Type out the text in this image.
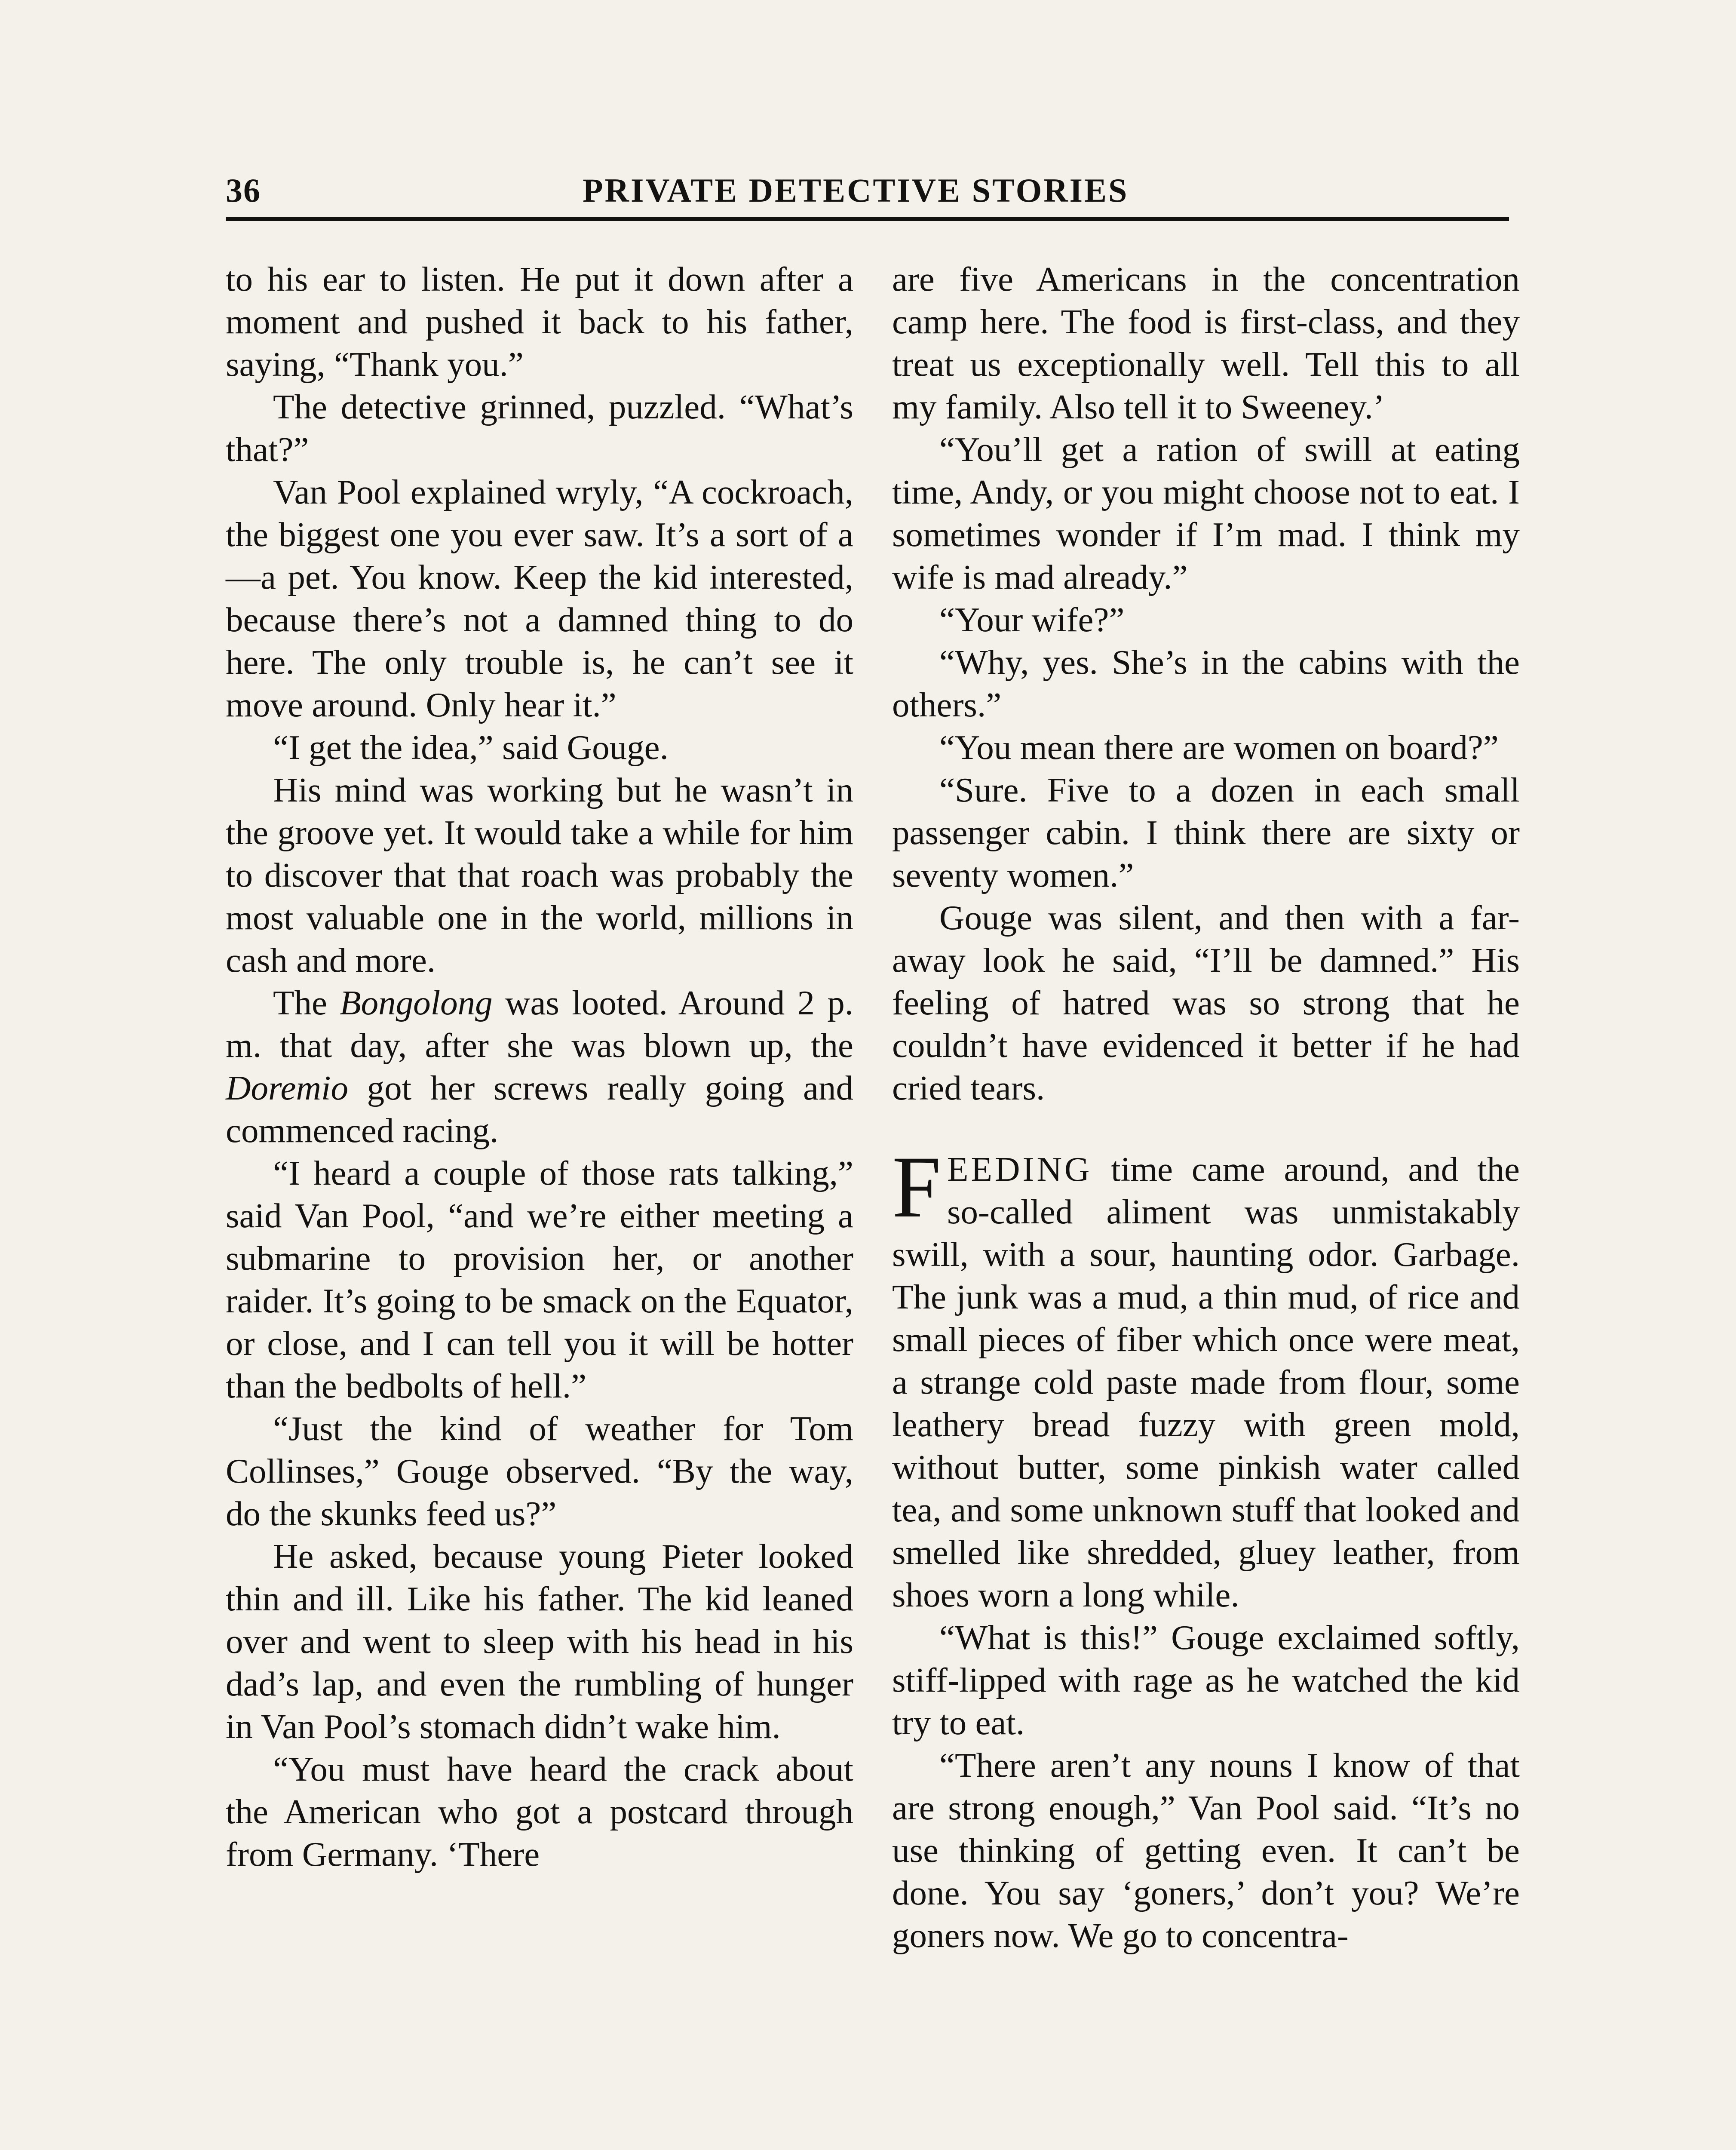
36	PRIVATE DETECTIVE STORIES

to his ear to listen. He put it down after a moment and pushed it back to his father, saying, “Thank you.”

The detective grinned, puzzled. “What’s that?”

Van Pool explained wryly, “A cockroach, the biggest one you ever saw. It’s a sort of a—a pet. You know. Keep the kid interested, because there’s not a damned thing to do here. The only trouble is, he can’t see it move around. Only hear it.”

“I get the idea,” said Gouge.

His mind was working but he wasn’t in the groove yet. It would take a while for him to discover that that roach was probably the most valuable one in the world, millions in cash and more.

The Bongolong was looted. Around 2 p. m. that day, after she was blown up, the Doremio got her screws really going and commenced racing.

“I heard a couple of those rats talking,” said Van Pool, “and we’re either meeting a submarine to provision her, or another raider. It’s going to be smack on the Equator, or close, and I can tell you it will be hotter than the bedbolts of hell.”

“Just the kind of weather for Tom Collinses,” Gouge observed. “By the way, do the skunks feed us?”

He asked, because young Pieter looked thin and ill. Like his father. The kid leaned over and went to sleep with his head in his dad’s lap, and even the rumbling of hunger in Van Pool’s stomach didn’t wake him.

“You must have heard the crack about the American who got a postcard through from Germany. ‘There

are five Americans in the concentration camp here. The food is first-class, and they treat us exceptionally well. Tell this to all my family. Also tell it to Sweeney.’

“You’ll get a ration of swill at eating time, Andy, or you might choose not to eat. I sometimes wonder if I’m mad. I think my wife is mad already.”

“Your wife?”

“Why, yes. She’s in the cabins with the others.”

“You mean there are women on board?”

“Sure. Five to a dozen in each small passenger cabin. I think there are sixty or seventy women.”

Gouge was silent, and then with a far-away look he said, “I’ll be damned.” His feeling of hatred was so strong that he couldn’t have evidenced it better if he had cried tears.

FEEDING time came around, and the so-called aliment was unmistakably swill, with a sour, haunting odor. Garbage. The junk was a mud, a thin mud, of rice and small pieces of fiber which once were meat, a strange cold paste made from flour, some leathery bread fuzzy with green mold, without butter, some pinkish water called tea, and some unknown stuff that looked and smelled like shredded, gluey leather, from shoes worn a long while.

“What is this!” Gouge exclaimed softly, stiff-lipped with rage as he watched the kid try to eat.

“There aren’t any nouns I know of that are strong enough,” Van Pool said. “It’s no use thinking of getting even. It can’t be done. You say ‘goners,’ don’t you? We’re goners now. We go to concentra-
